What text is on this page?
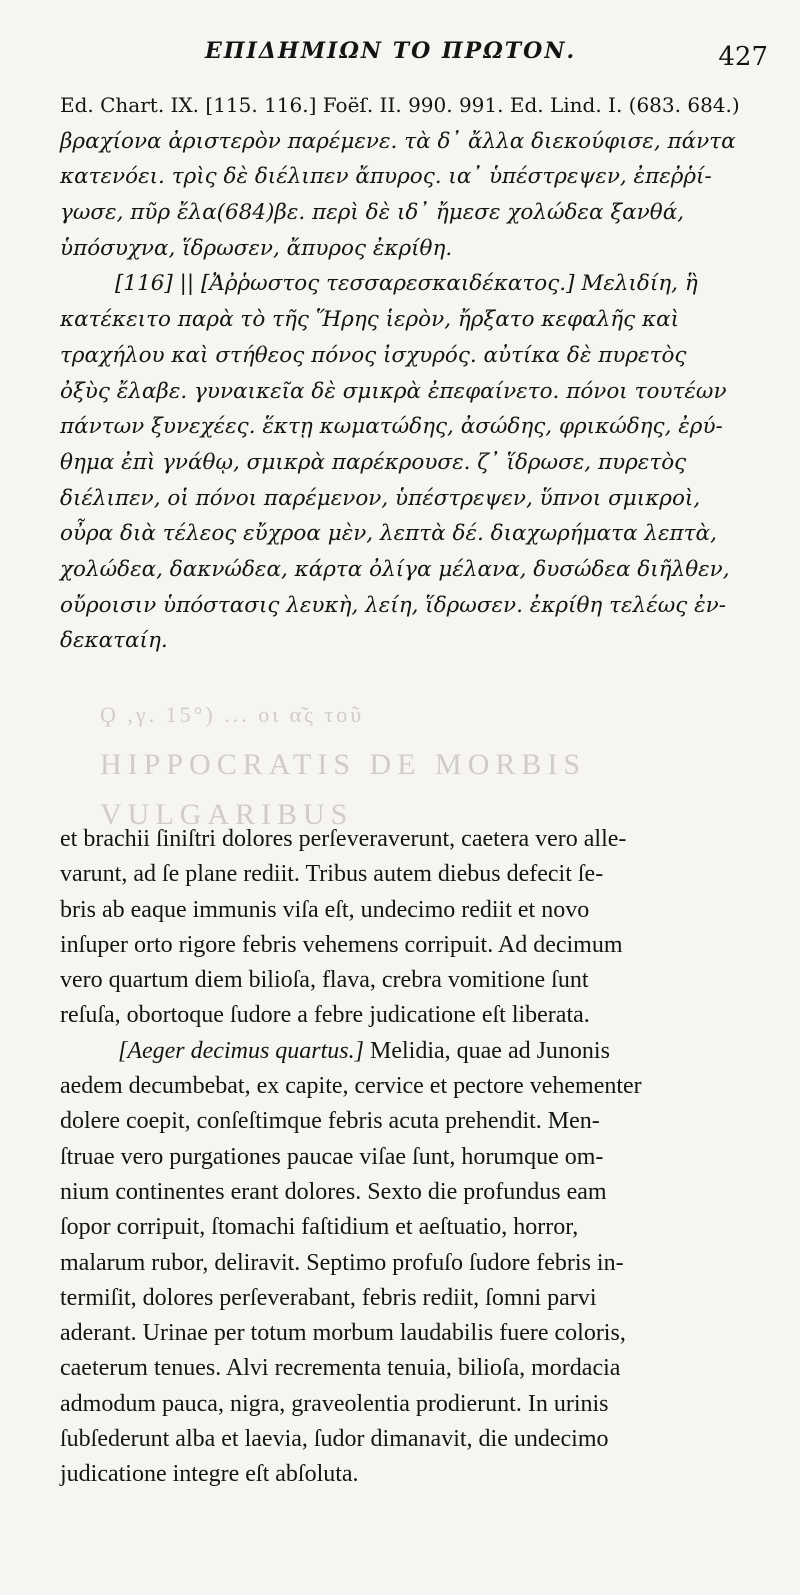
ΕΠΙΔΗΜΙΩΝ ΤΟ ΠΡΩΤΟΝ.	427
Ed. Chart. IX. [115. 116.] Foëſ. II. 990. 991. Ed. Lind. I. (683. 684.)
βραχίονα ἀριστερὸν παρέμενε. τὰ δ᾽ ἄλλα διεκούφισε, πάντα
κατενόει. τρὶς δὲ διέλιπεν ἄπυρος. ια᾽ ὑπέστρεψεν, ἐπεῤῥί-
γωσε, πῦρ ἔλα(684)βε. περὶ δὲ ιδ᾽ ἤμεσε χολώδεα ξανθά,
ὑπόσυχνα, ἵδρωσεν, ἄπυρος ἐκρίθη.
[116] || [Ἀῤῥωστος τεσσαρεσκαιδέκατος.] Μελιδίη, ἣ
κατέκειτο παρὰ τὸ τῆς Ἥρης ἱερὸν, ἤρξατο κεφαλῆς καὶ
τραχήλου καὶ στήθεος πόνος ἰσχυρός. αὐτίκα δὲ πυρετὸς
ὀξὺς ἔλαβε. γυναικεῖα δὲ σμικρὰ ἐπεφαίνετο. πόνοι τουτέων
πάντων ξυνεχέες. ἕκτῃ κωματώδης, ἀσώδης, φρικώδης, ἐρύ-
θημα ἐπὶ γνάθῳ, σμικρὰ παρέκρουσε. ζ᾽ ἵδρωσε, πυρετὸς
διέλιπεν, οἱ πόνοι παρέμενον, ὑπέστρεψεν, ὕπνοι σμικροὶ,
οὖρα διὰ τέλεος εὔχροα μὲν, λεπτὰ δέ. διαχωρήματα λεπτὰ,
χολώδεα, δακνώδεα, κάρτα ὀλίγα μέλανα, δυσώδεα διῆλθεν,
οὔροισιν ὑπόστασις λευκὴ, λείη, ἵδρωσεν. ἐκρίθη τελέως ἐν-
δεκαταίη.
Ϙ ,γ. 15°) ... οι α̃ς τοῦ
HIPPOCRATIS DE MORBIS VULGARIBUS
et brachii ſiniſtri dolores perſeveraverunt, caetera vero alle-
varunt, ad ſe plane rediit. Tribus autem diebus defecit ſe-
bris ab eaque immunis viſa eſt, undecimo rediit et novo
inſuper orto rigore febris vehemens corripuit. Ad decimum
vero quartum diem bilioſa, flava, crebra vomitione ſunt
reſuſa, obortoque ſudore a febre judicatione eſt liberata.
[Aeger decimus quartus.] Melidia, quae ad Junonis
aedem decumbebat, ex capite, cervice et pectore vehementer
dolere coepit, conſeſtimque febris acuta prehendit. Men-
ſtruae vero purgationes paucae viſae ſunt, horumque om-
nium continentes erant dolores. Sexto die profundus eam
ſopor corripuit, ſtomachi faſtidium et aeſtuatio, horror,
malarum rubor, deliravit. Septimo profuſo ſudore febris in-
termiſit, dolores perſeverabant, febris rediit, ſomni parvi
aderant. Urinae per totum morbum laudabilis fuere coloris,
caeterum tenues. Alvi recrementa tenuia, bilioſa, mordacia
admodum pauca, nigra, graveolentia prodierunt. In urinis
ſubſederunt alba et laevia, ſudor dimanavit, die undecimo
judicatione integre eſt abſoluta.
